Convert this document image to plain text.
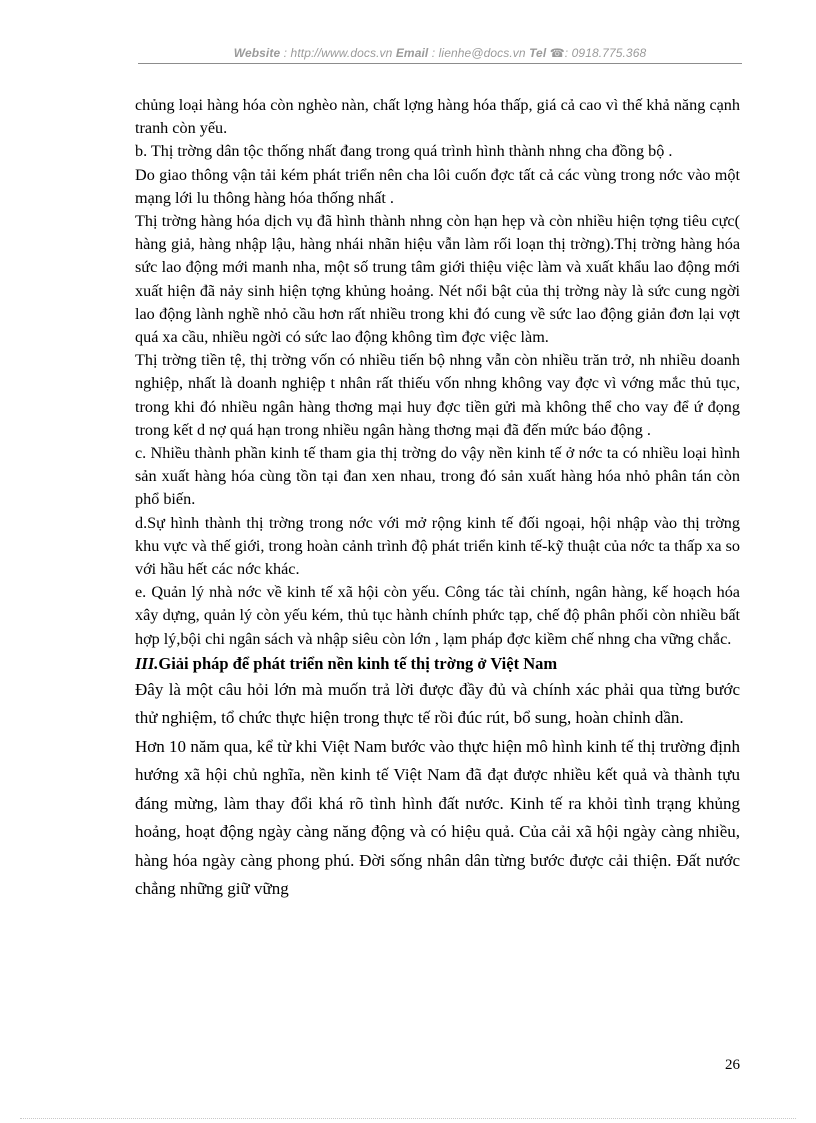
Website : http://www.docs.vn Email : lienhe@docs.vn Tel ☎: 0918.775.368

chủng loại hàng hóa còn nghèo nàn, chất lợng hàng hóa thấp, giá cả cao vì thế khả năng cạnh tranh còn yếu.

b. Thị trờng dân tộc thống nhất đang trong quá trình hình thành nhng cha đồng bộ .

Do giao thông vận tải kém phát triển nên cha lôi cuốn đợc tất cả các vùng trong nớc vào một mạng lới lu thông hàng hóa thống nhất .

Thị trờng hàng hóa dịch vụ đã hình thành nhng còn hạn hẹp và còn nhiều hiện tợng tiêu cực( hàng giả, hàng nhập lậu, hàng nhái nhãn hiệu vẫn làm rối loạn thị trờng).Thị trờng hàng hóa sức lao động mới manh nha, một số trung tâm giới thiệu việc làm và xuất khẩu lao động mới xuất hiện đã nảy sinh hiện tợng khủng hoảng. Nét nổi bật của thị trờng này là sức cung ngời lao động lành nghề nhỏ cầu hơn rất nhiều trong khi đó cung về sức lao động giản đơn lại vợt quá xa cầu, nhiều ngời có sức lao động không tìm đợc việc làm.

Thị trờng tiền tệ, thị trờng vốn có nhiều tiến bộ nhng vẫn còn nhiều trăn trở, nh nhiều doanh nghiệp, nhất là doanh nghiệp t nhân rất thiếu vốn nhng không vay đợc vì vớng mắc thủ tục, trong khi đó nhiều ngân hàng thơng mại huy đợc tiền gửi mà không thể cho vay để ứ đọng trong kết d nợ quá hạn trong nhiều ngân hàng thơng mại đã đến mức báo động .

c. Nhiều thành phần kinh tế tham gia thị trờng do vậy nền kinh tế ở nớc ta có nhiều loại hình sản xuất hàng hóa cùng tồn tại đan xen nhau, trong đó sản xuất hàng hóa nhỏ phân tán còn phổ biến.

d.Sự hình thành thị trờng trong nớc với mở rộng kinh tế đối ngoại, hội nhập vào thị trờng khu vực và thế giới, trong hoàn cảnh trình độ phát triển kinh tế-kỹ thuật của nớc ta thấp xa so với hầu hết các nớc khác.

e. Quản lý nhà nớc về kinh tế xã hội còn yếu. Công tác tài chính, ngân hàng, kế hoạch hóa xây dựng, quản lý còn yếu kém, thủ tục hành chính phức tạp, chế độ phân phối còn nhiều bất hợp lý,bội chi ngân sách và nhập siêu còn lớn , lạm pháp đợc kiềm chế nhng cha vững chắc.

III.Giải pháp để phát triển nền kinh tế thị trờng ở Việt Nam

Đây là một câu hỏi lớn mà muốn trả lời được đầy đủ và chính xác phải qua từng bước thử nghiệm, tổ chức thực hiện trong thực tế rồi đúc rút, bổ sung, hoàn chỉnh dần.

Hơn 10 năm qua, kể từ khi Việt Nam bước vào thực hiện mô hình kinh tế thị trường định hướng xã hội chủ nghĩa, nền kinh tế Việt Nam đã đạt được nhiều kết quả và thành tựu đáng mừng, làm thay đổi khá rõ tình hình đất nước. Kinh tế ra khỏi tình trạng khủng hoảng, hoạt động ngày càng năng động và có hiệu quả. Của cải xã hội ngày càng nhiều, hàng hóa ngày càng phong phú. Đời sống nhân dân từng bước được cải thiện. Đất nước chẳng những giữ vững

26
